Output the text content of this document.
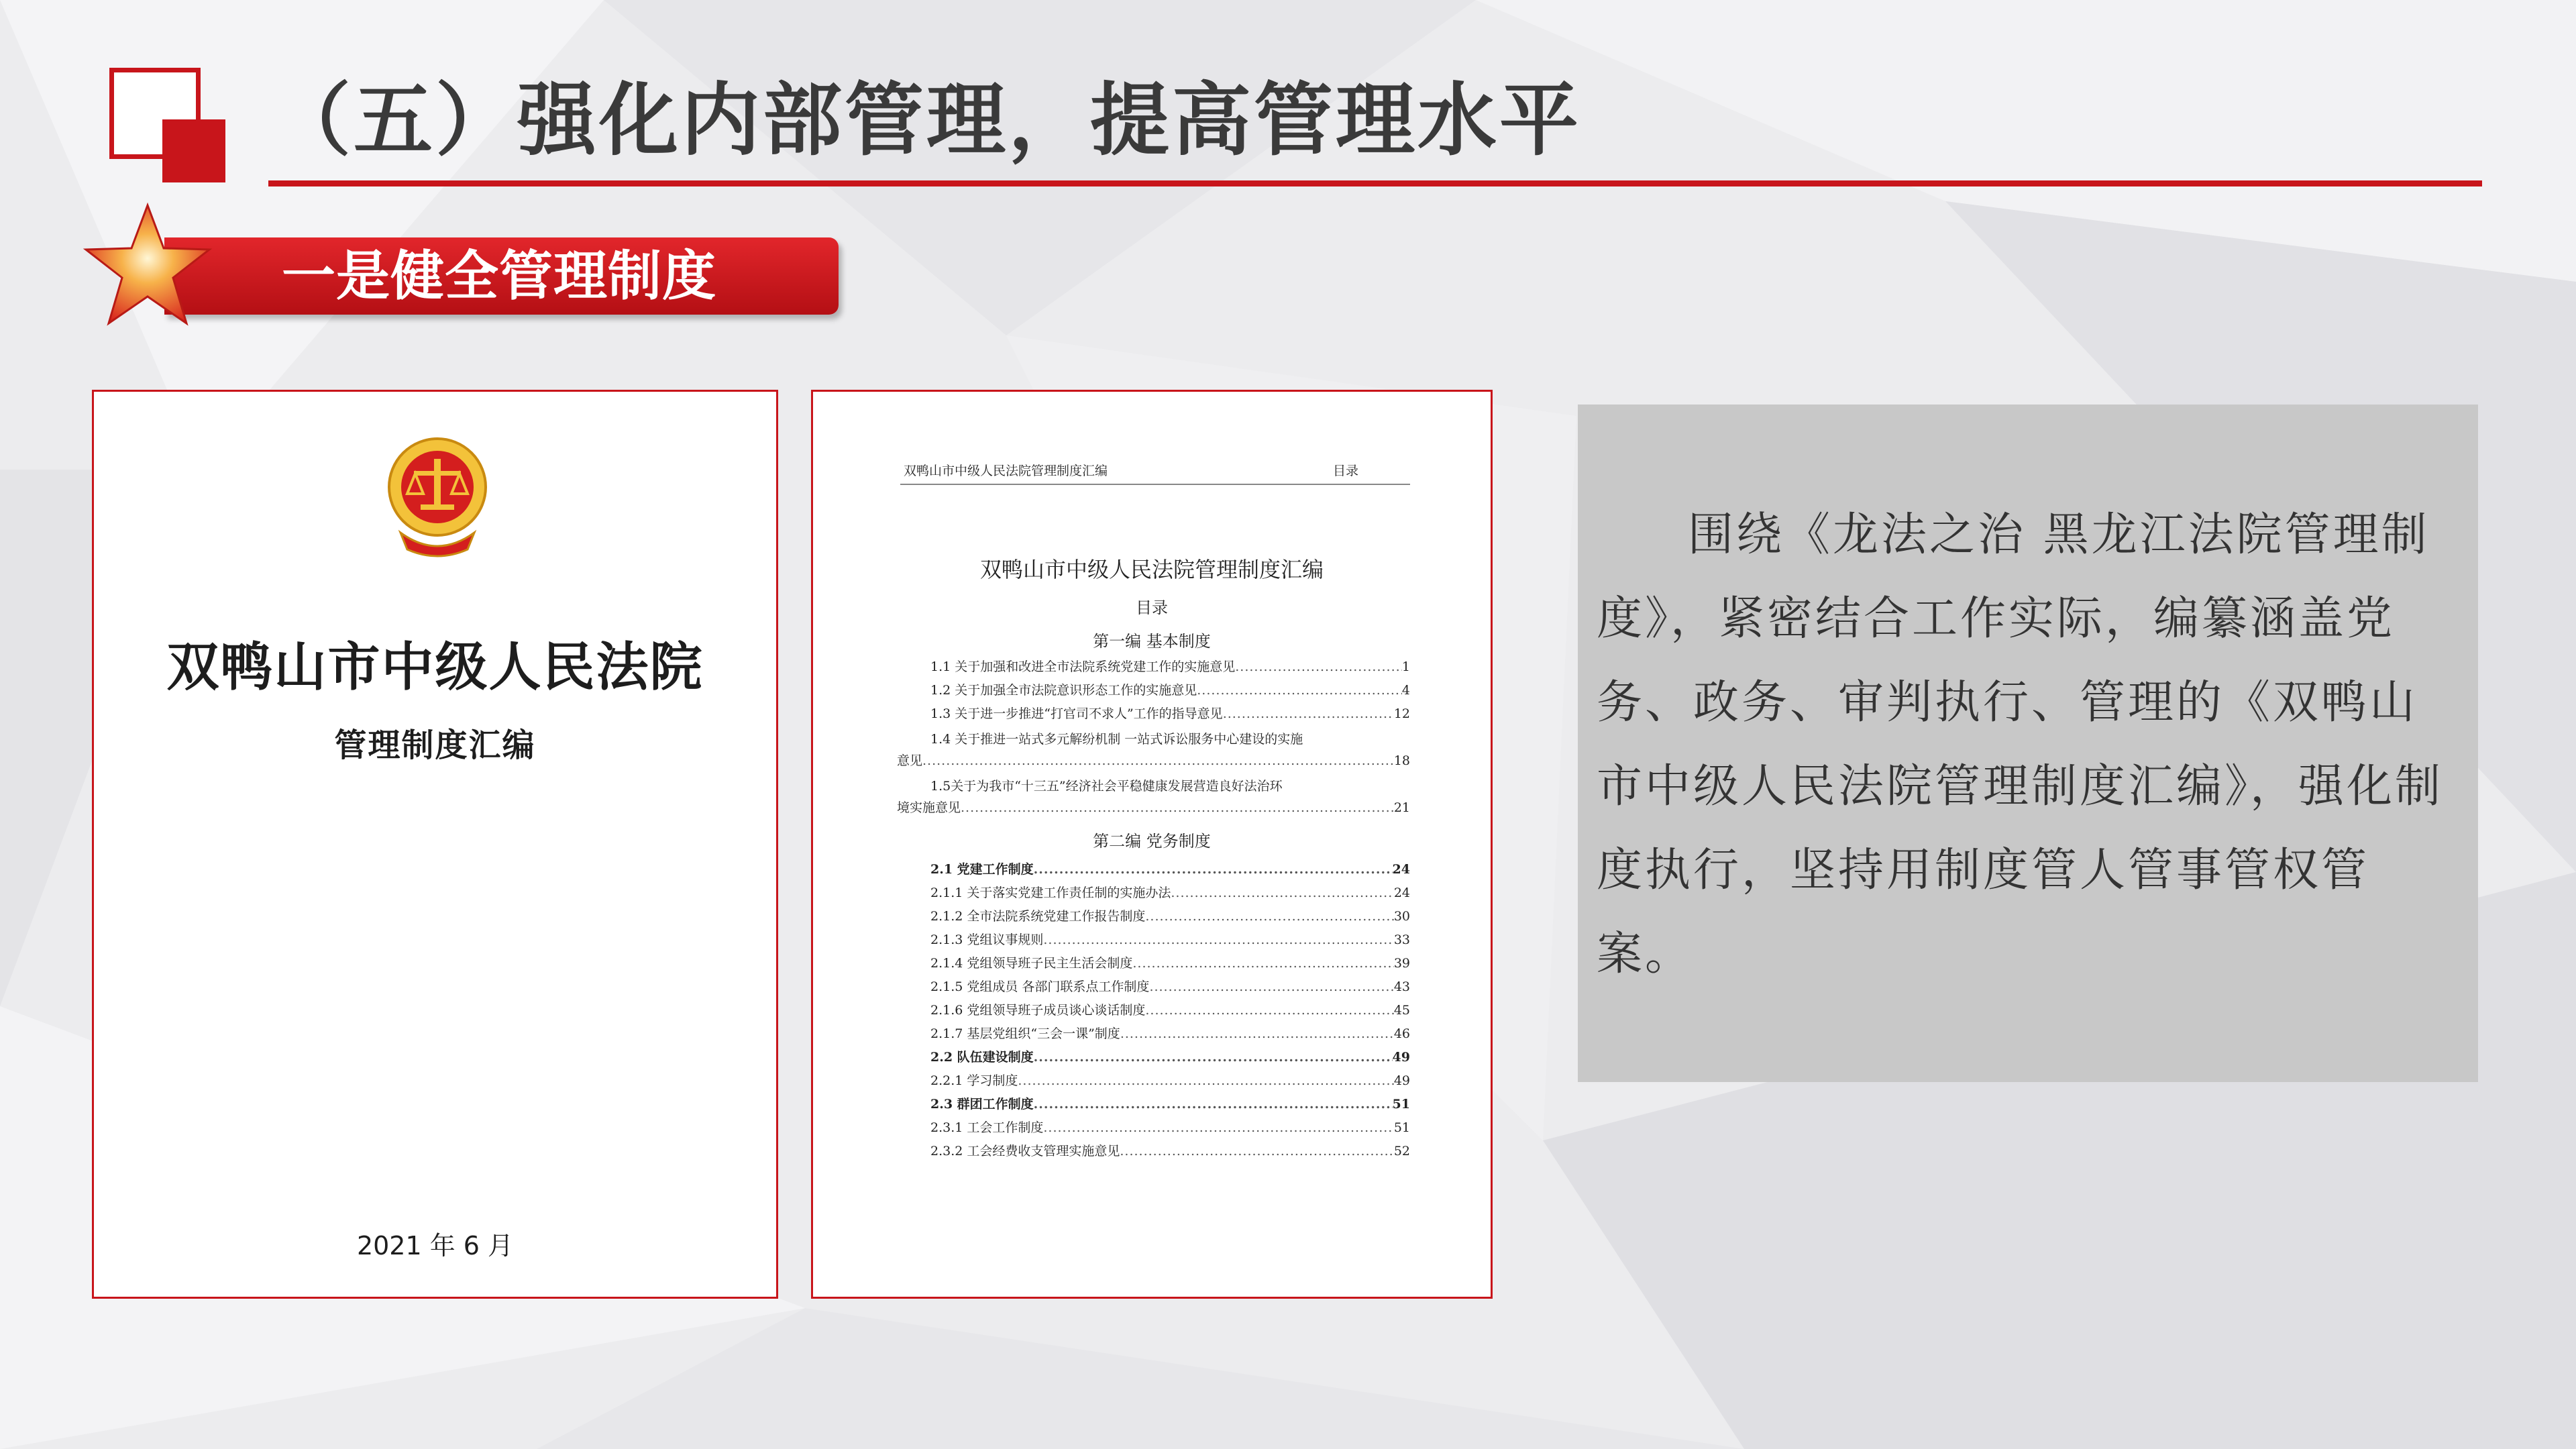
（五）强化内部管理，提高管理水平
一是健全管理制度
双鸭山市中级人民法院
管理制度汇编
2021 年 6 月
双鸭山市中级人民法院管理制度汇编	目录
双鸭山市中级人民法院管理制度汇编
目录
第一编 基本制度
1.1 关于加强和改进全市法院系统党建工作的实施意见 .....	1
1.2 关于加强全市法院意识形态工作的实施意见 .....	4
1.3 关于进一步推进“打官司不求人”工作的指导意见 .....	12
1.4 关于推进一站式多元解纷机制 一站式诉讼服务中心建设的实施
意见 .....	18
1.5关于为我市“十三五”经济社会平稳健康发展营造良好法治环
境实施意见 .....	21
第二编 党务制度
2.1 党建工作制度 .....	24
2.1.1 关于落实党建工作责任制的实施办法 .....	24
2.1.2 全市法院系统党建工作报告制度 .....	30
2.1.3 党组议事规则 .....	33
2.1.4 党组领导班子民主生活会制度 .....	39
2.1.5 党组成员 各部门联系点工作制度 .....	43
2.1.6 党组领导班子成员谈心谈话制度 .....	45
2.1.7 基层党组织“三会一课”制度 .....	46
2.2 队伍建设制度 .....	49
2.2.1 学习制度 .....	49
2.3 群团工作制度 .....	51
2.3.1 工会工作制度 .....	51
2.3.2 工会经费收支管理实施意见 .....	52
围绕《龙法之治 黑龙江法院管理制度》，紧密结合工作实际，编纂涵盖党务、政务、审判执行、管理的《双鸭山市中级人民法院管理制度汇编》，强化制度执行，坚持用制度管人管事管权管案。
